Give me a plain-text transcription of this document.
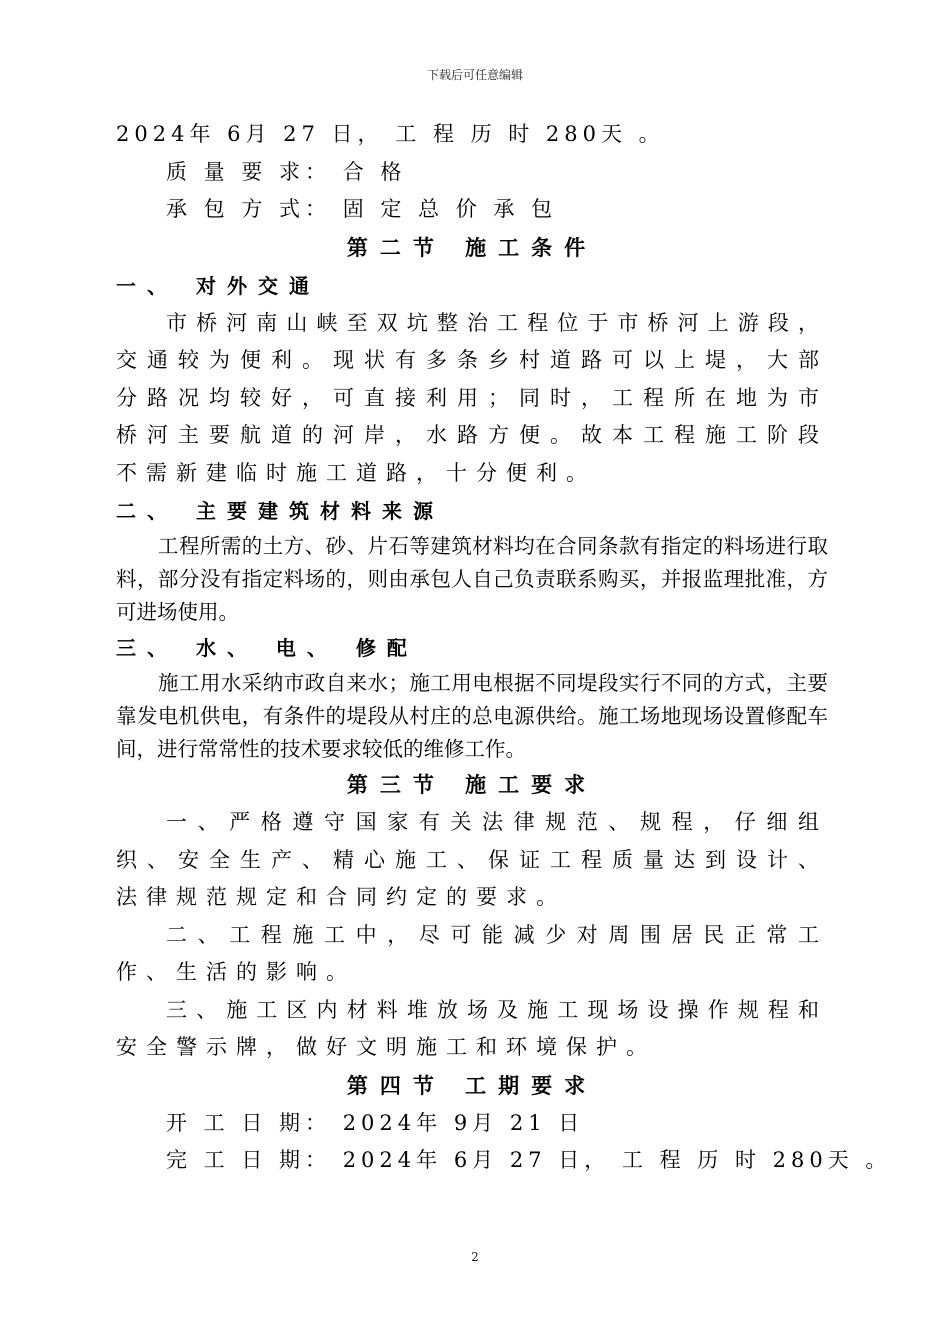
下载后可任意编辑
2024年 6月 27 日， 工 程 历 时 280天 。
质 量 要 求： 合 格
承 包 方 式： 固 定 总 价 承 包
第二节 施工条件
一、 对外交通

市桥河南山峡至双坑整治工程位于市桥河上游段，交通较为便利。现状有多条乡村道路可以上堤，大部分路况均较好，可直接利用；同时，工程所在地为市桥河主要航道的河岸，水路方便。故本工程施工阶段不需新建临时施工道路，十分便利。

二、 主要建筑材料来源

工程所需的土方、砂、片石等建筑材料均在合同条款有指定的料场进行取料，部分没有指定料场的，则由承包人自己负责联系购买，并报监理批准，方可进场使用。

三、 水、 电、 修配

施工用水采纳市政自来水；施工用电根据不同堤段实行不同的方式，主要靠发电机供电，有条件的堤段从村庄的总电源供给。施工场地现场设置修配车间，进行常常性的技术要求较低的维修工作。

第三节 施工要求

一、严格遵守国家有关法律规范、规程，仔细组织、安全生产、精心施工、保证工程质量达到设计、法律规范规定和合同约定的要求。

二、工程施工中，尽可能减少对周围居民正常工作、生活的影响。

三、施工区内材料堆放场及施工现场设操作规程和安全警示牌，做好文明施工和环境保护。

第四节 工期要求
开 工 日 期： 2024年 9月 21 日
完 工 日 期： 2024年 6月 27 日， 工 程 历 时 280天 。
2
